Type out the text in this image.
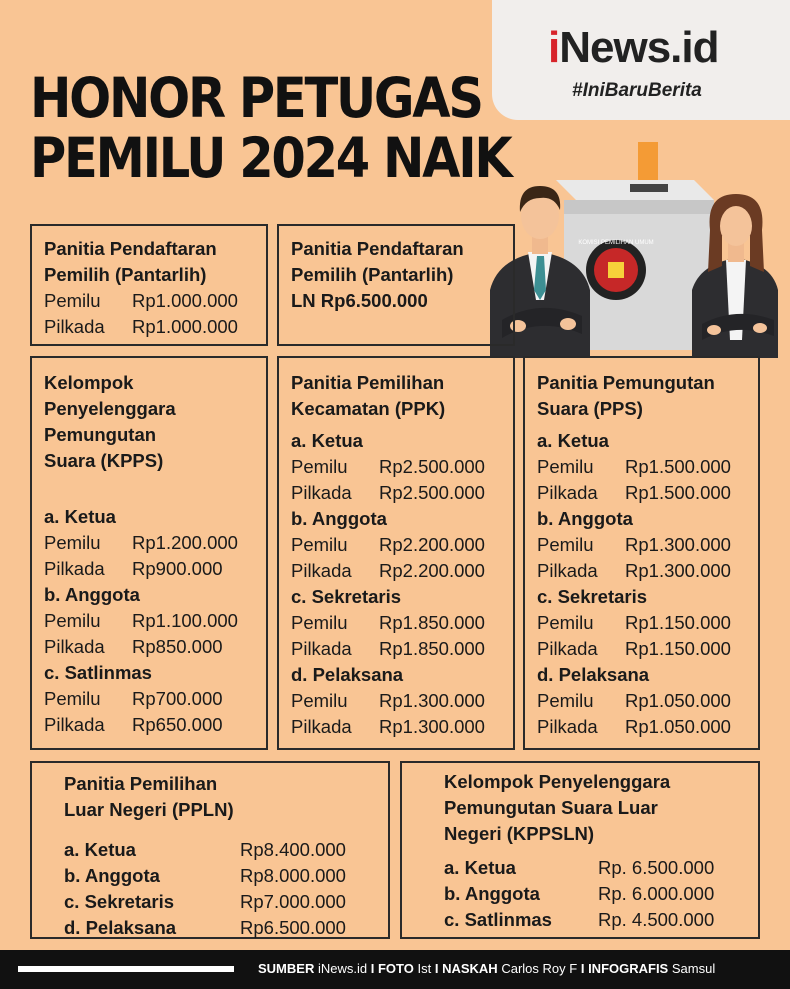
iNews.id
#IniBaruBerita
HONOR PETUGAS
PEMILU 2024 NAIK
KOMISI PEMILIHAN UMUM
Panitia Pendaftaran
Pemilih (Pantarlih)
Pemilu	Rp1.000.000
Pilkada	Rp1.000.000
Panitia Pendaftaran
Pemilih (Pantarlih)
LN Rp6.500.000
Kelompok
Penyelenggara
Pemungutan
Suara (KPPS)
a. Ketua
Pemilu	Rp1.200.000
Pilkada	Rp900.000
b. Anggota
Pemilu	Rp1.100.000
Pilkada	Rp850.000
c. Satlinmas
Pemilu	Rp700.000
Pilkada	Rp650.000
Panitia Pemilihan
Kecamatan (PPK)
a. Ketua
Pemilu	Rp2.500.000
Pilkada	Rp2.500.000
b. Anggota
Pemilu	Rp2.200.000
Pilkada	Rp2.200.000
c. Sekretaris
Pemilu	Rp1.850.000
Pilkada	Rp1.850.000
d. Pelaksana
Pemilu	Rp1.300.000
Pilkada	Rp1.300.000
Panitia Pemungutan
Suara (PPS)
a. Ketua
Pemilu	Rp1.500.000
Pilkada	Rp1.500.000
b. Anggota
Pemilu	Rp1.300.000
Pilkada	Rp1.300.000
c. Sekretaris
Pemilu	Rp1.150.000
Pilkada	Rp1.150.000
d. Pelaksana
Pemilu	Rp1.050.000
Pilkada	Rp1.050.000
Panitia Pemilihan
Luar Negeri (PPLN)
a. Ketua	Rp8.400.000
b. Anggota	Rp8.000.000
c. Sekretaris	Rp7.000.000
d. Pelaksana	Rp6.500.000
Kelompok Penyelenggara
Pemungutan Suara Luar
Negeri (KPPSLN)
a. Ketua	Rp. 6.500.000
b. Anggota	Rp. 6.000.000
c. Satlinmas	Rp. 4.500.000
SUMBER iNews.id I FOTO Ist I NASKAH Carlos Roy F I INFOGRAFIS Samsul
